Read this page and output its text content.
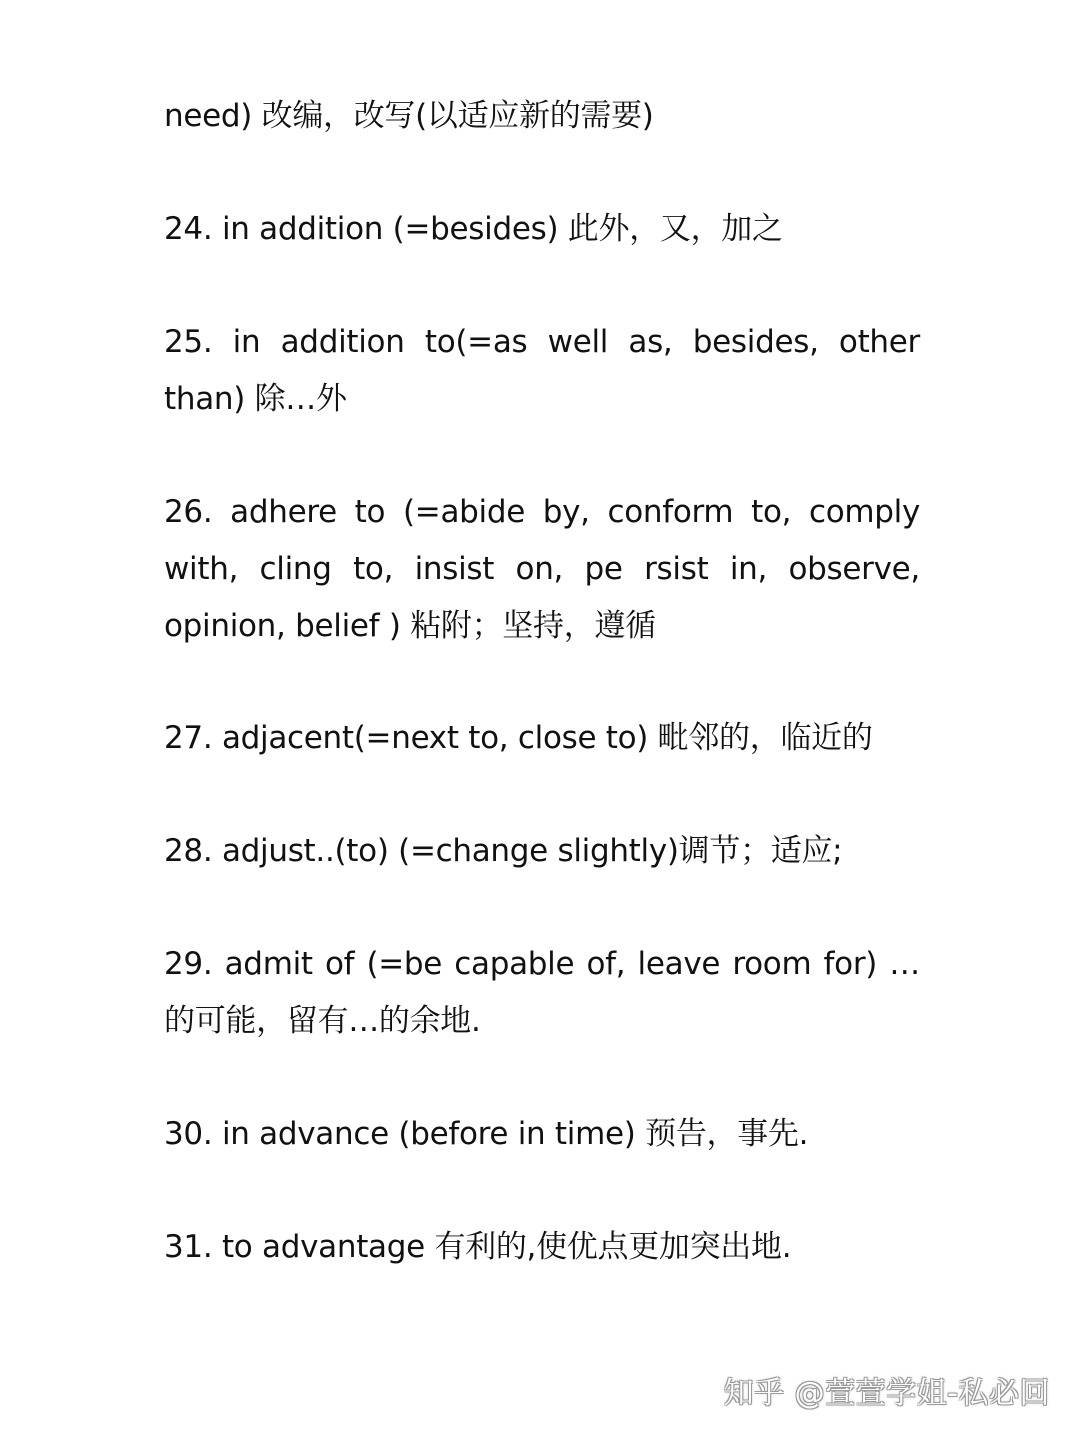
need) 改编，改写(以适应新的需要)

24. in addition (=besides) 此外，又，加之

25. in addition to(=as well as, besides, other than) 除…外

26. adhere to (=abide by, conform to, comply with, cling to, insist on, pe rsist in, observe, opinion, belief ) 粘附；坚持，遵循

27. adjacent(=next to, close to) 毗邻的，临近的

28. adjust..(to) (=change slightly)调节；适应;

29. admit of (=be capable of, leave room for) …的可能，留有…的余地.

30. in advance (before in time) 预告，事先.

31. to advantage 有利的,使优点更加突出地.

知乎 @萱萱学姐-私必回
